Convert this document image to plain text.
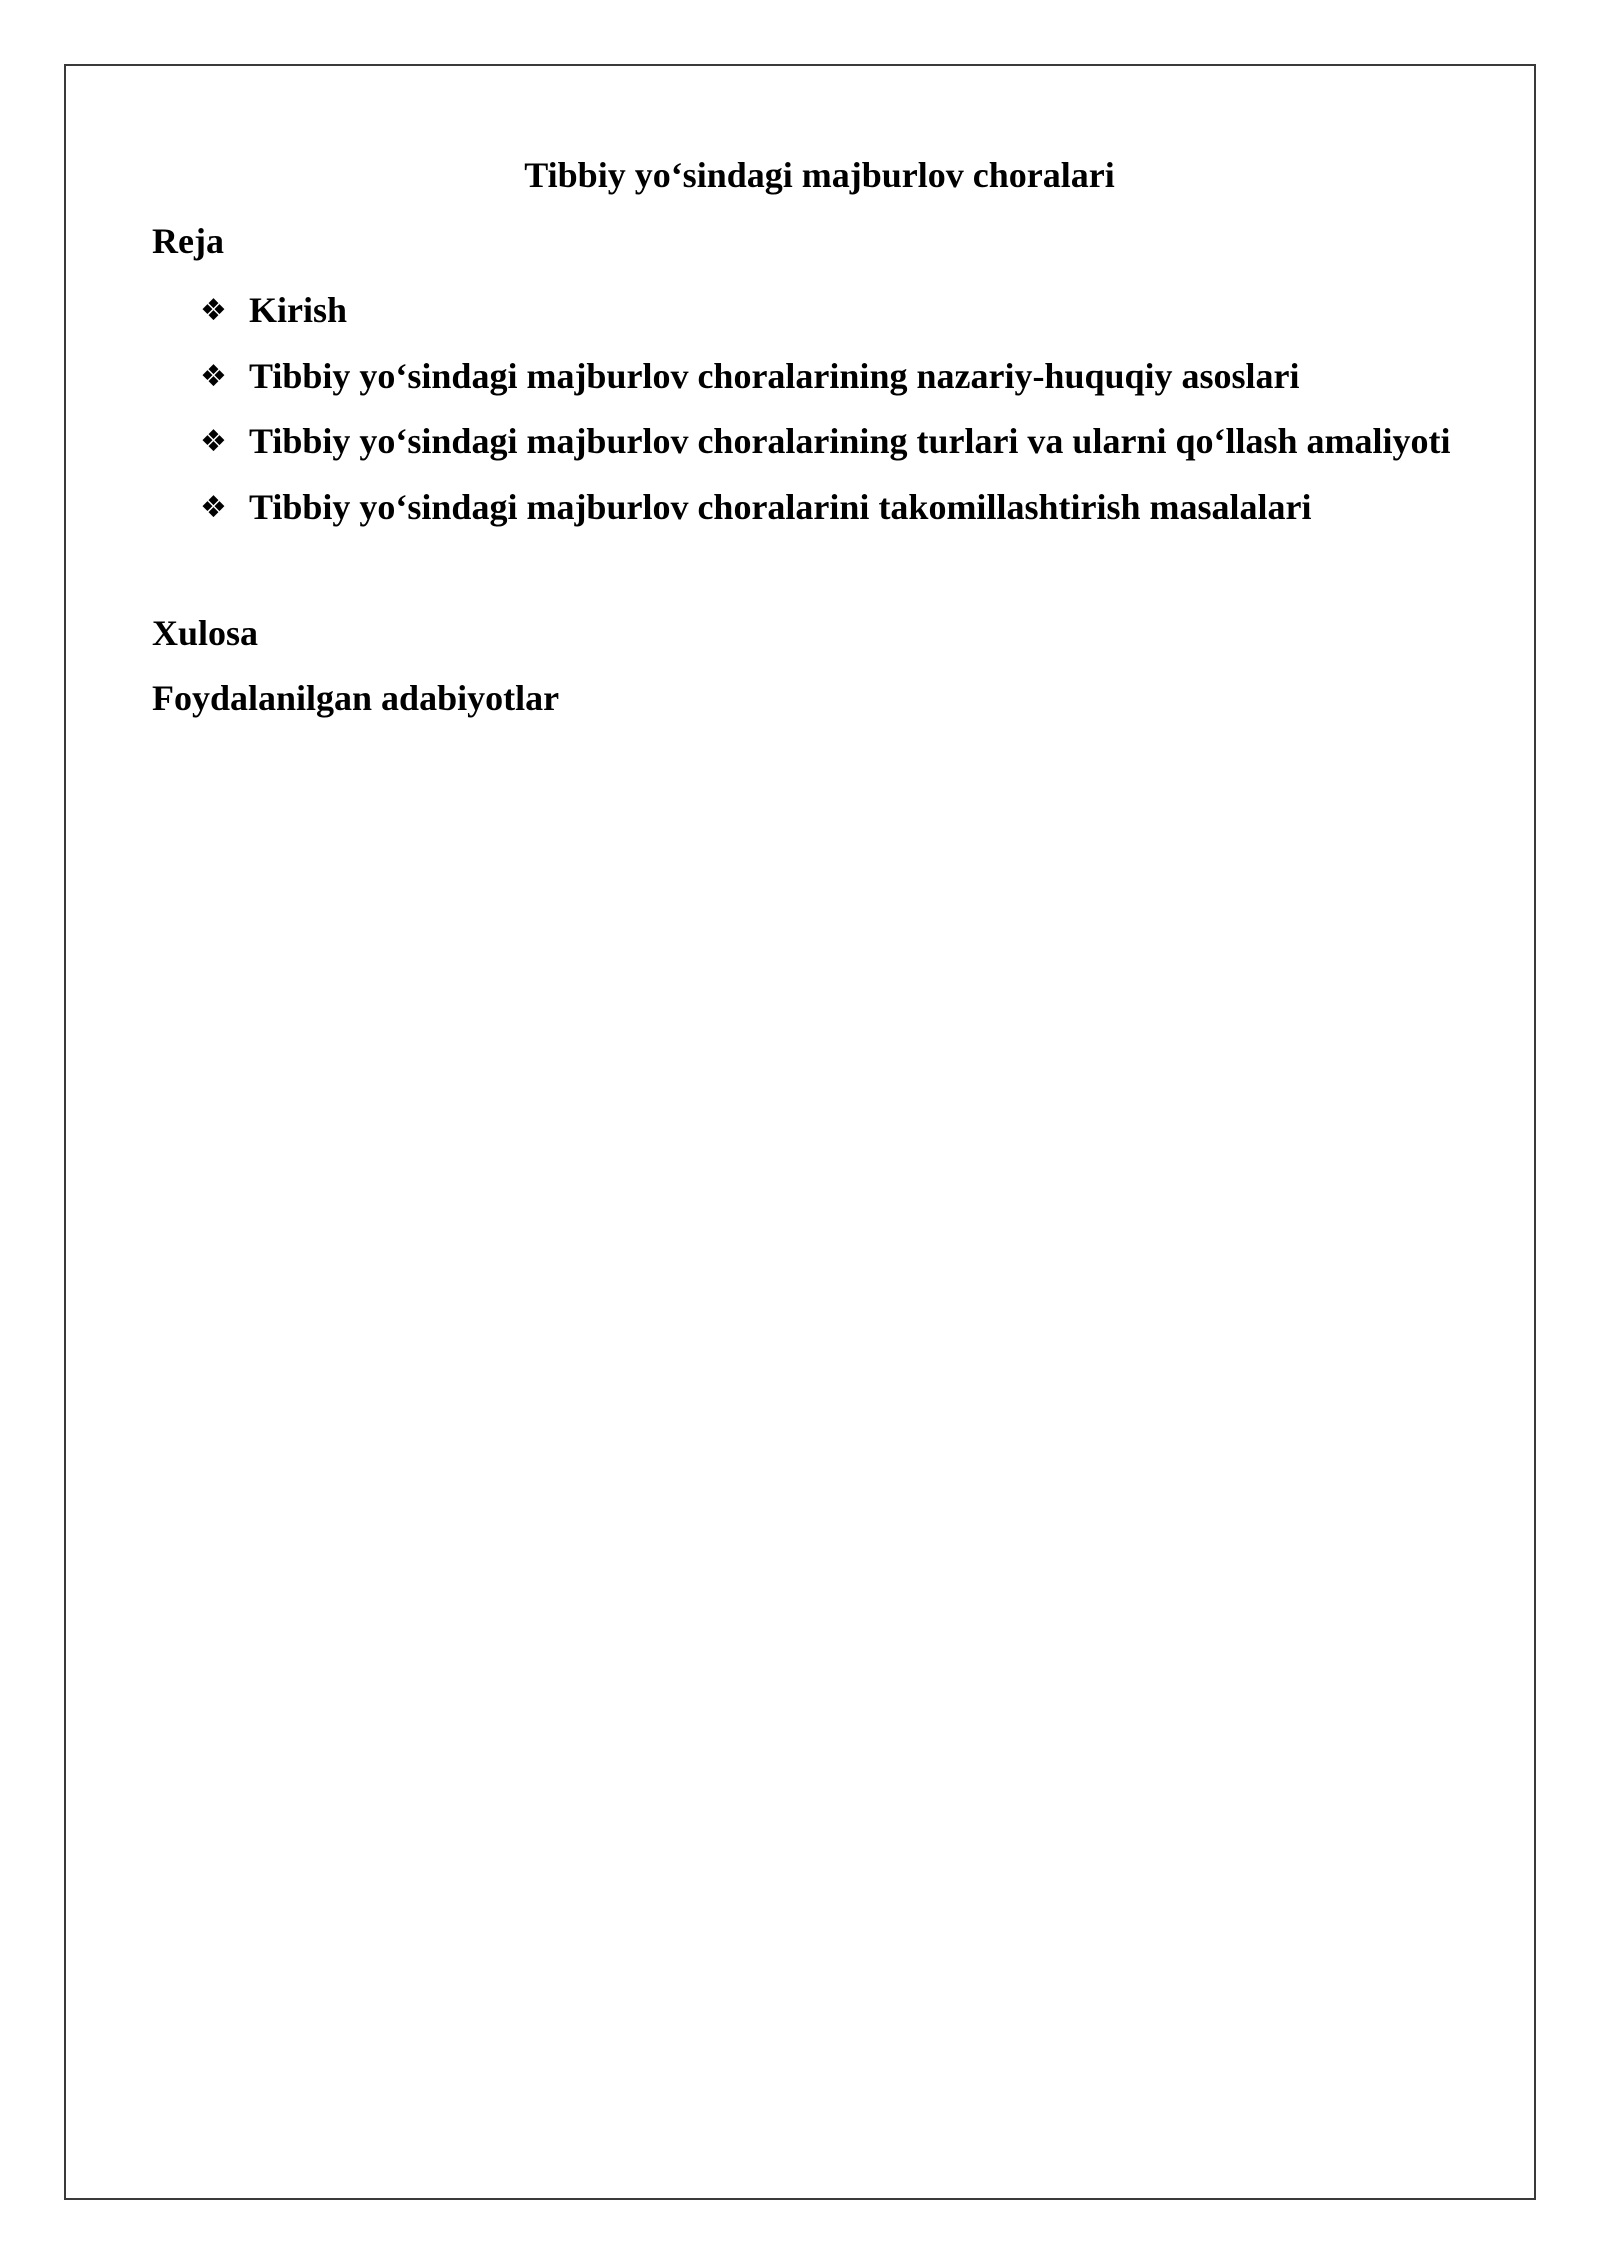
Tibbiy yo‘sindagi majburlov choralari
Reja
❖ Kirish
❖ Tibbiy yo‘sindagi majburlov choralarining nazariy-huquqiy asoslari
❖ Tibbiy yo‘sindagi majburlov choralarining turlari va ularni qo‘llash amaliyoti
❖ Tibbiy yo‘sindagi majburlov choralarini takomillashtirish masalalari
Xulosa
Foydalanilgan adabiyotlar
